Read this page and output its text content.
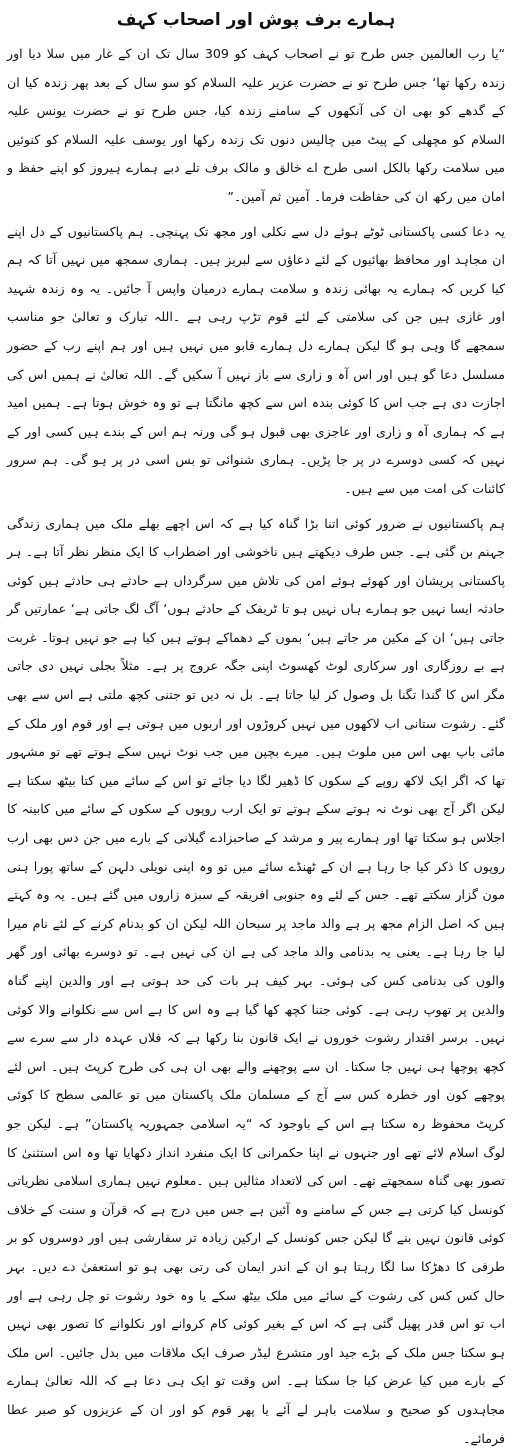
ہمارے برف پوش اور اصحاب کہف

“یا رب العالمین جس طرح تو نے اصحاب کہف کو 309 سال تک ان کے غار میں سلا دیا اور زندہ رکھا تھا‘ جس طرح تو نے حضرت عزیر علیہ السلام کو سو سال کے بعد پھر زندہ کیا ان کے گدھے کو بھی ان کی آنکھوں کے سامنے زندہ کیا، جس طرح تو نے حضرت یونس علیہ السلام کو مچھلی کے پیٹ میں چالیس دنوں تک زندہ رکھا اور یوسف علیہ السلام کو کنوئیں میں سلامت رکھا بالکل اسی طرح اے خالق و مالک برف تلے دبے ہمارے ہیروز کو اپنے حفظ و امان میں رکھ ان کی حفاظت فرما۔ آمین ثم آمین۔”

یہ دعا کسی پاکستانی ٹوٹے ہوئے دل سے نکلی اور مجھ تک پہنچی۔ ہم پاکستانیوں کے دل اپنے ان مجاہد اور محافظ بھائیوں کے لئے دعاؤں سے لبریز ہیں۔ ہماری سمجھ میں نہیں آتا کہ ہم کیا کریں کہ ہمارے یہ بھائی زندہ و سلامت ہمارے درمیان واپس آ جائیں۔ یہ وہ زندہ شہید اور غازی ہیں جن کی سلامتی کے لئے قوم تڑپ رہی ہے ۔اللہ تبارک و تعالیٰ جو مناسب سمجھے گا وہی ہو گا لیکن ہمارے دل ہمارے قابو میں نہیں ہیں اور ہم اپنے رب کے حضور مسلسل دعا گو ہیں اور اس آہ و زاری سے باز نہیں آ سکیں گے۔ اللہ تعالیٰ نے ہمیں اس کی اجازت دی ہے جب اس کا کوئی بندہ اس سے کچھ مانگتا ہے تو وہ خوش ہوتا ہے۔ ہمیں امید ہے کہ ہماری آہ و زاری اور عاجزی بھی قبول ہو گی ورنہ ہم اس کے بندے ہیں کسی اور کے نہیں کہ کسی دوسرے در پر جا پڑیں۔ ہماری شنوائی تو بس اسی در پر ہو گی۔ ہم سرور کائنات کی امت میں سے ہیں۔

ہم پاکستانیوں نے ضرور کوئی اتنا بڑا گناہ کیا ہے کہ اس اچھے بھلے ملک میں ہماری زندگی جہنم بن گئی ہے۔ جس طرف دیکھتے ہیں ناخوشی اور اضطراب کا ایک منظر نظر آتا ہے۔ ہر پاکستانی پریشان اور کھوئے ہوئے امن کی تلاش میں سرگرداں ہے حادثے ہی حادثے ہیں کوئی حادثہ ایسا نہیں جو ہمارے ہاں نہیں ہو تا ٹریفک کے حادثے ہوں‘ آگ لگ جاتی ہے‘ عمارتیں گر جاتی ہیں‘ ان کے مکین مر جاتے ہیں‘ بموں کے دھماکے ہوتے ہیں کیا ہے جو نہیں ہوتا۔ غربت ہے بے روزگاری اور سرکاری لوٹ کھسوٹ اپنی جگہ عروج پر ہے۔ مثلاً بجلی نہیں دی جاتی مگر اس کا گندا تگنا بل وصول کر لیا جاتا ہے۔ بل نہ دیں تو جتنی کچھ ملتی ہے اس سے بھی گئے۔ رشوت ستانی اب لاکھوں میں نہیں کروڑوں اور اربوں میں ہوتی ہے اور قوم اور ملک کے مائی باپ بھی اس میں ملوث ہیں۔ میرے بچپن میں جب نوٹ نہیں سکے ہوتے تھے تو مشہور تھا کہ اگر ایک لاکھ روپے کے سکوں کا ڈھیر لگا دیا جائے تو اس کے سائے میں کتا بیٹھ سکتا ہے لیکن اگر آج بھی نوٹ نہ ہوتے سکے ہوتے تو ایک ارب روپوں کے سکوں کے سائے میں کابینہ کا اجلاس ہو سکتا تھا اور ہمارے پیر و مرشد کے صاحبزادے گیلانی کے بارے میں جن دس بھی ارب روپوں کا ذکر کیا جا رہا ہے ان کے ٹھنڈے سائے میں تو وہ اپنی نویلی دلہن کے ساتھ پورا ہنی مون گزار سکتے تھے۔ جس کے لئے وہ جنوبی افریقہ کے سبزہ زاروں میں گئے ہیں۔ یہ وہ کہتے ہیں کہ اصل الزام مجھ پر ہے والد ماجد پر سبحان اللہ لیکن ان کو بدنام کرنے کے لئے نام میرا لیا جا رہا ہے۔ یعنی یہ بدنامی والد ماجد کی ہے ان کی نہیں ہے۔ تو دوسرے بھائی اور گھر والوں کی بدنامی کس کی ہوئی۔ بہر کیف ہر بات کی حد ہوتی ہے اور والدین اپنے گناہ والدین پر تھوپ رہی ہے۔ کوئی جتنا کچھ کھا گیا ہے وہ اس کا ہے اس سے نکلوانے والا کوئی نہیں۔ برسر اقتدار رشوت خوروں نے ایک قانون بنا رکھا ہے کہ فلاں عہدہ دار سے سرے سے کچھ پوچھا ہی نہیں جا سکتا۔ ان سے پوچھنے والے بھی ان ہی کی طرح کرپٹ ہیں۔ اس لئے پوچھے کون اور خطرہ کس سے آج کے مسلمان ملک پاکستان میں تو عالمی سطح کا کوئی کرپٹ محفوظ رہ سکتا ہے اس کے باوجود کہ “یہ اسلامی جمہوریہ پاکستان” ہے۔ لیکن جو لوگ اسلام لائے تھے اور جنہوں نے اپنا حکمرانی کا ایک منفرد انداز دکھایا تھا وہ اس استثنیٰ کا تصور بھی گناہ سمجھتے تھے۔ اس کی لاتعداد مثالیں ہیں ۔معلوم نہیں ہماری اسلامی نظریاتی کونسل کیا کرتی ہے جس کے سامنے وہ آئین ہے جس میں درج ہے کہ قرآن و سنت کے خلاف کوئی قانون نہیں بنے گا لیکن جس کونسل کے ارکین زیادہ تر سفارشی ہیں اور دوسروں کو بر طرفی کا دھڑکا سا لگا رہتا ہو ان کے اندر ایمان کی رتی بھی ہو تو استعفیٰ دے دیں۔ بہر حال کس کس کی رشوت کے سائے میں ملک بیٹھ سکے یا وہ خود رشوت تو چل رہی ہے اور اب تو اس قدر پھیل گئی ہے کہ اس کے بغیر کوئی کام کروانے اور نکلوانے کا تصور بھی نہیں ہو سکتا جس ملک کے بڑے جید اور متشرع لیڈر صرف ایک ملاقات میں بدل جائیں۔ اس ملک کے بارے میں کیا عرض کیا جا سکتا ہے۔ اس وقت تو ایک ہی دعا ہے کہ اللہ تعالیٰ ہمارے مجاہدوں کو صحیح و سلامت باہر لے آئے یا پھر قوم کو اور ان کے عزیزوں کو صبر عطا فرمائے۔
